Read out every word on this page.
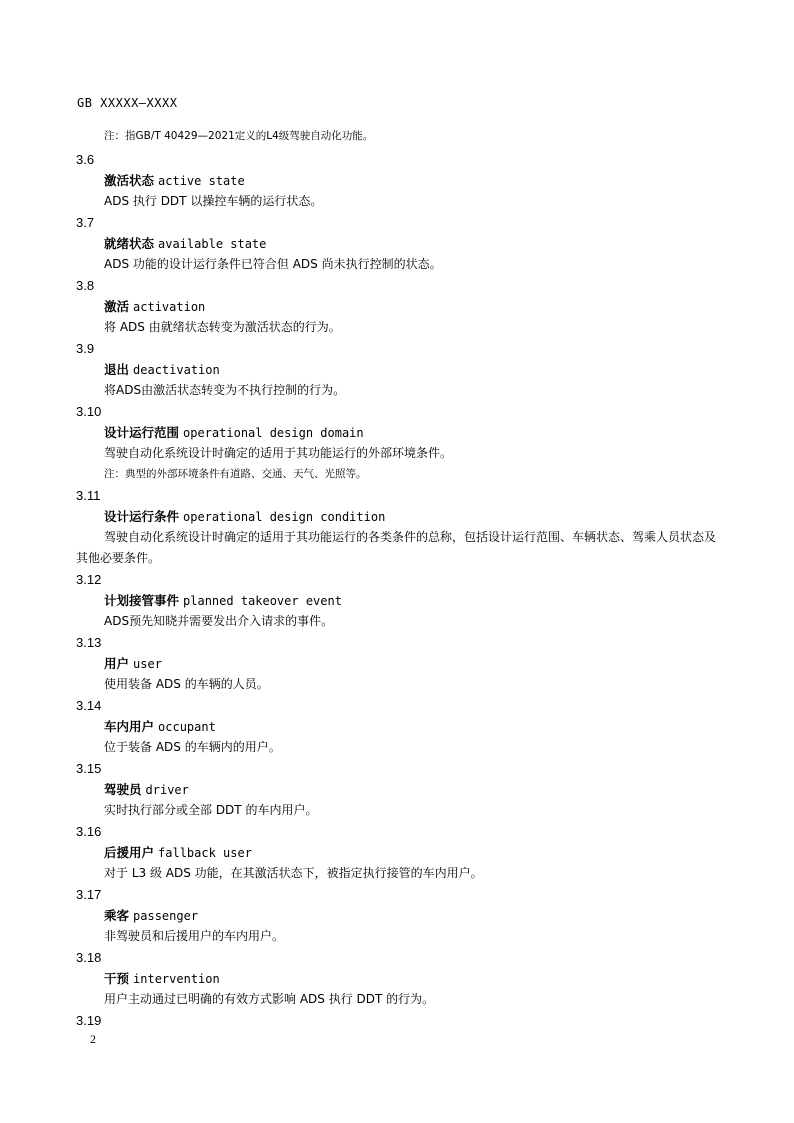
GB XXXXX—XXXX
注：指GB/T 40429—2021定义的L4级驾驶自动化功能。
3.6
激活状态 active state
ADS 执行 DDT 以操控车辆的运行状态。
3.7
就绪状态 available state
ADS 功能的设计运行条件已符合但 ADS 尚未执行控制的状态。
3.8
激活 activation
将 ADS 由就绪状态转变为激活状态的行为。
3.9
退出 deactivation
将ADS由激活状态转变为不执行控制的行为。
3.10
设计运行范围 operational design domain
驾驶自动化系统设计时确定的适用于其功能运行的外部环境条件。
注：典型的外部环境条件有道路、交通、天气、光照等。
3.11
设计运行条件 operational design condition
驾驶自动化系统设计时确定的适用于其功能运行的各类条件的总称，包括设计运行范围、车辆状态、驾乘人员状态及其他必要条件。
3.12
计划接管事件 planned takeover event
ADS预先知晓并需要发出介入请求的事件。
3.13
用户 user
使用装备 ADS 的车辆的人员。
3.14
车内用户 occupant
位于装备 ADS 的车辆内的用户。
3.15
驾驶员 driver
实时执行部分或全部 DDT 的车内用户。
3.16
后援用户 fallback user
对于 L3 级 ADS 功能，在其激活状态下，被指定执行接管的车内用户。
3.17
乘客 passenger
非驾驶员和后援用户的车内用户。
3.18
干预 intervention
用户主动通过已明确的有效方式影响 ADS 执行 DDT 的行为。
3.19
2
